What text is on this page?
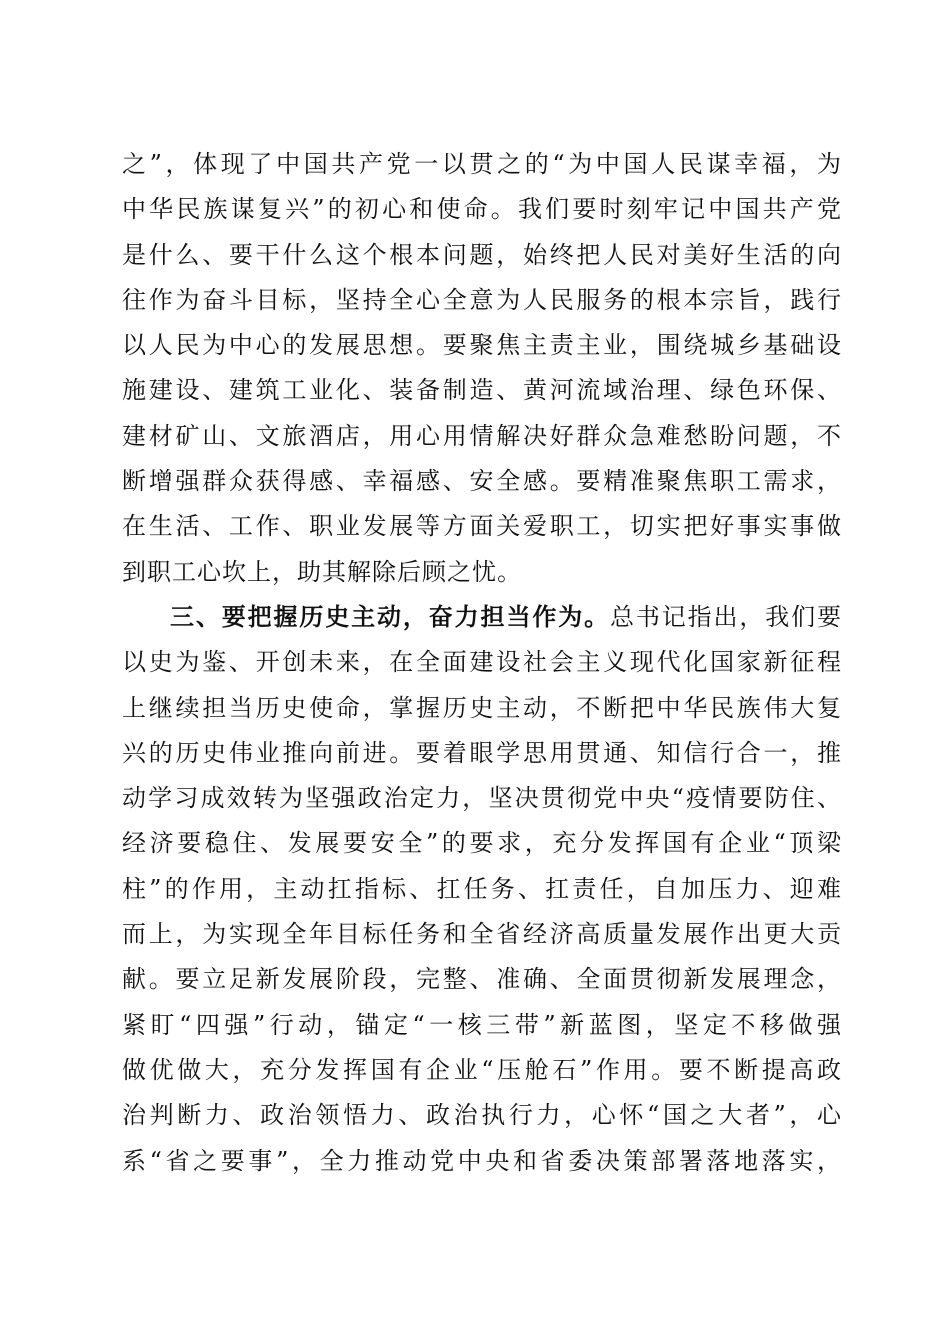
之”，体现了中国共产党一以贯之的“为中国人民谋幸福，为
中华民族谋复兴”的初心和使命。我们要时刻牢记中国共产党
是什么、要干什么这个根本问题，始终把人民对美好生活的向
往作为奋斗目标，坚持全心全意为人民服务的根本宗旨，践行
以人民为中心的发展思想。要聚焦主责主业，围绕城乡基础设
施建设、建筑工业化、装备制造、黄河流域治理、绿色环保、
建材矿山、文旅酒店，用心用情解决好群众急难愁盼问题，不
断增强群众获得感、幸福感、安全感。要精准聚焦职工需求，
在生活、工作、职业发展等方面关爱职工，切实把好事实事做
到职工心坎上，助其解除后顾之忧。
三、要把握历史主动，奋力担当作为。总书记指出，我们要
以史为鉴、开创未来，在全面建设社会主义现代化国家新征程
上继续担当历史使命，掌握历史主动，不断把中华民族伟大复
兴的历史伟业推向前进。要着眼学思用贯通、知信行合一，推
动学习成效转为坚强政治定力，坚决贯彻党中央“疫情要防住、
经济要稳住、发展要安全”的要求，充分发挥国有企业“顶梁
柱”的作用，主动扛指标、扛任务、扛责任，自加压力、迎难
而上，为实现全年目标任务和全省经济高质量发展作出更大贡
献。要立足新发展阶段，完整、准确、全面贯彻新发展理念，
紧盯“四强”行动，锚定“一核三带”新蓝图，坚定不移做强
做优做大，充分发挥国有企业“压舱石”作用。要不断提高政
治判断力、政治领悟力、政治执行力，心怀“国之大者”，心
系“省之要事”，全力推动党中央和省委决策部署落地落实，
